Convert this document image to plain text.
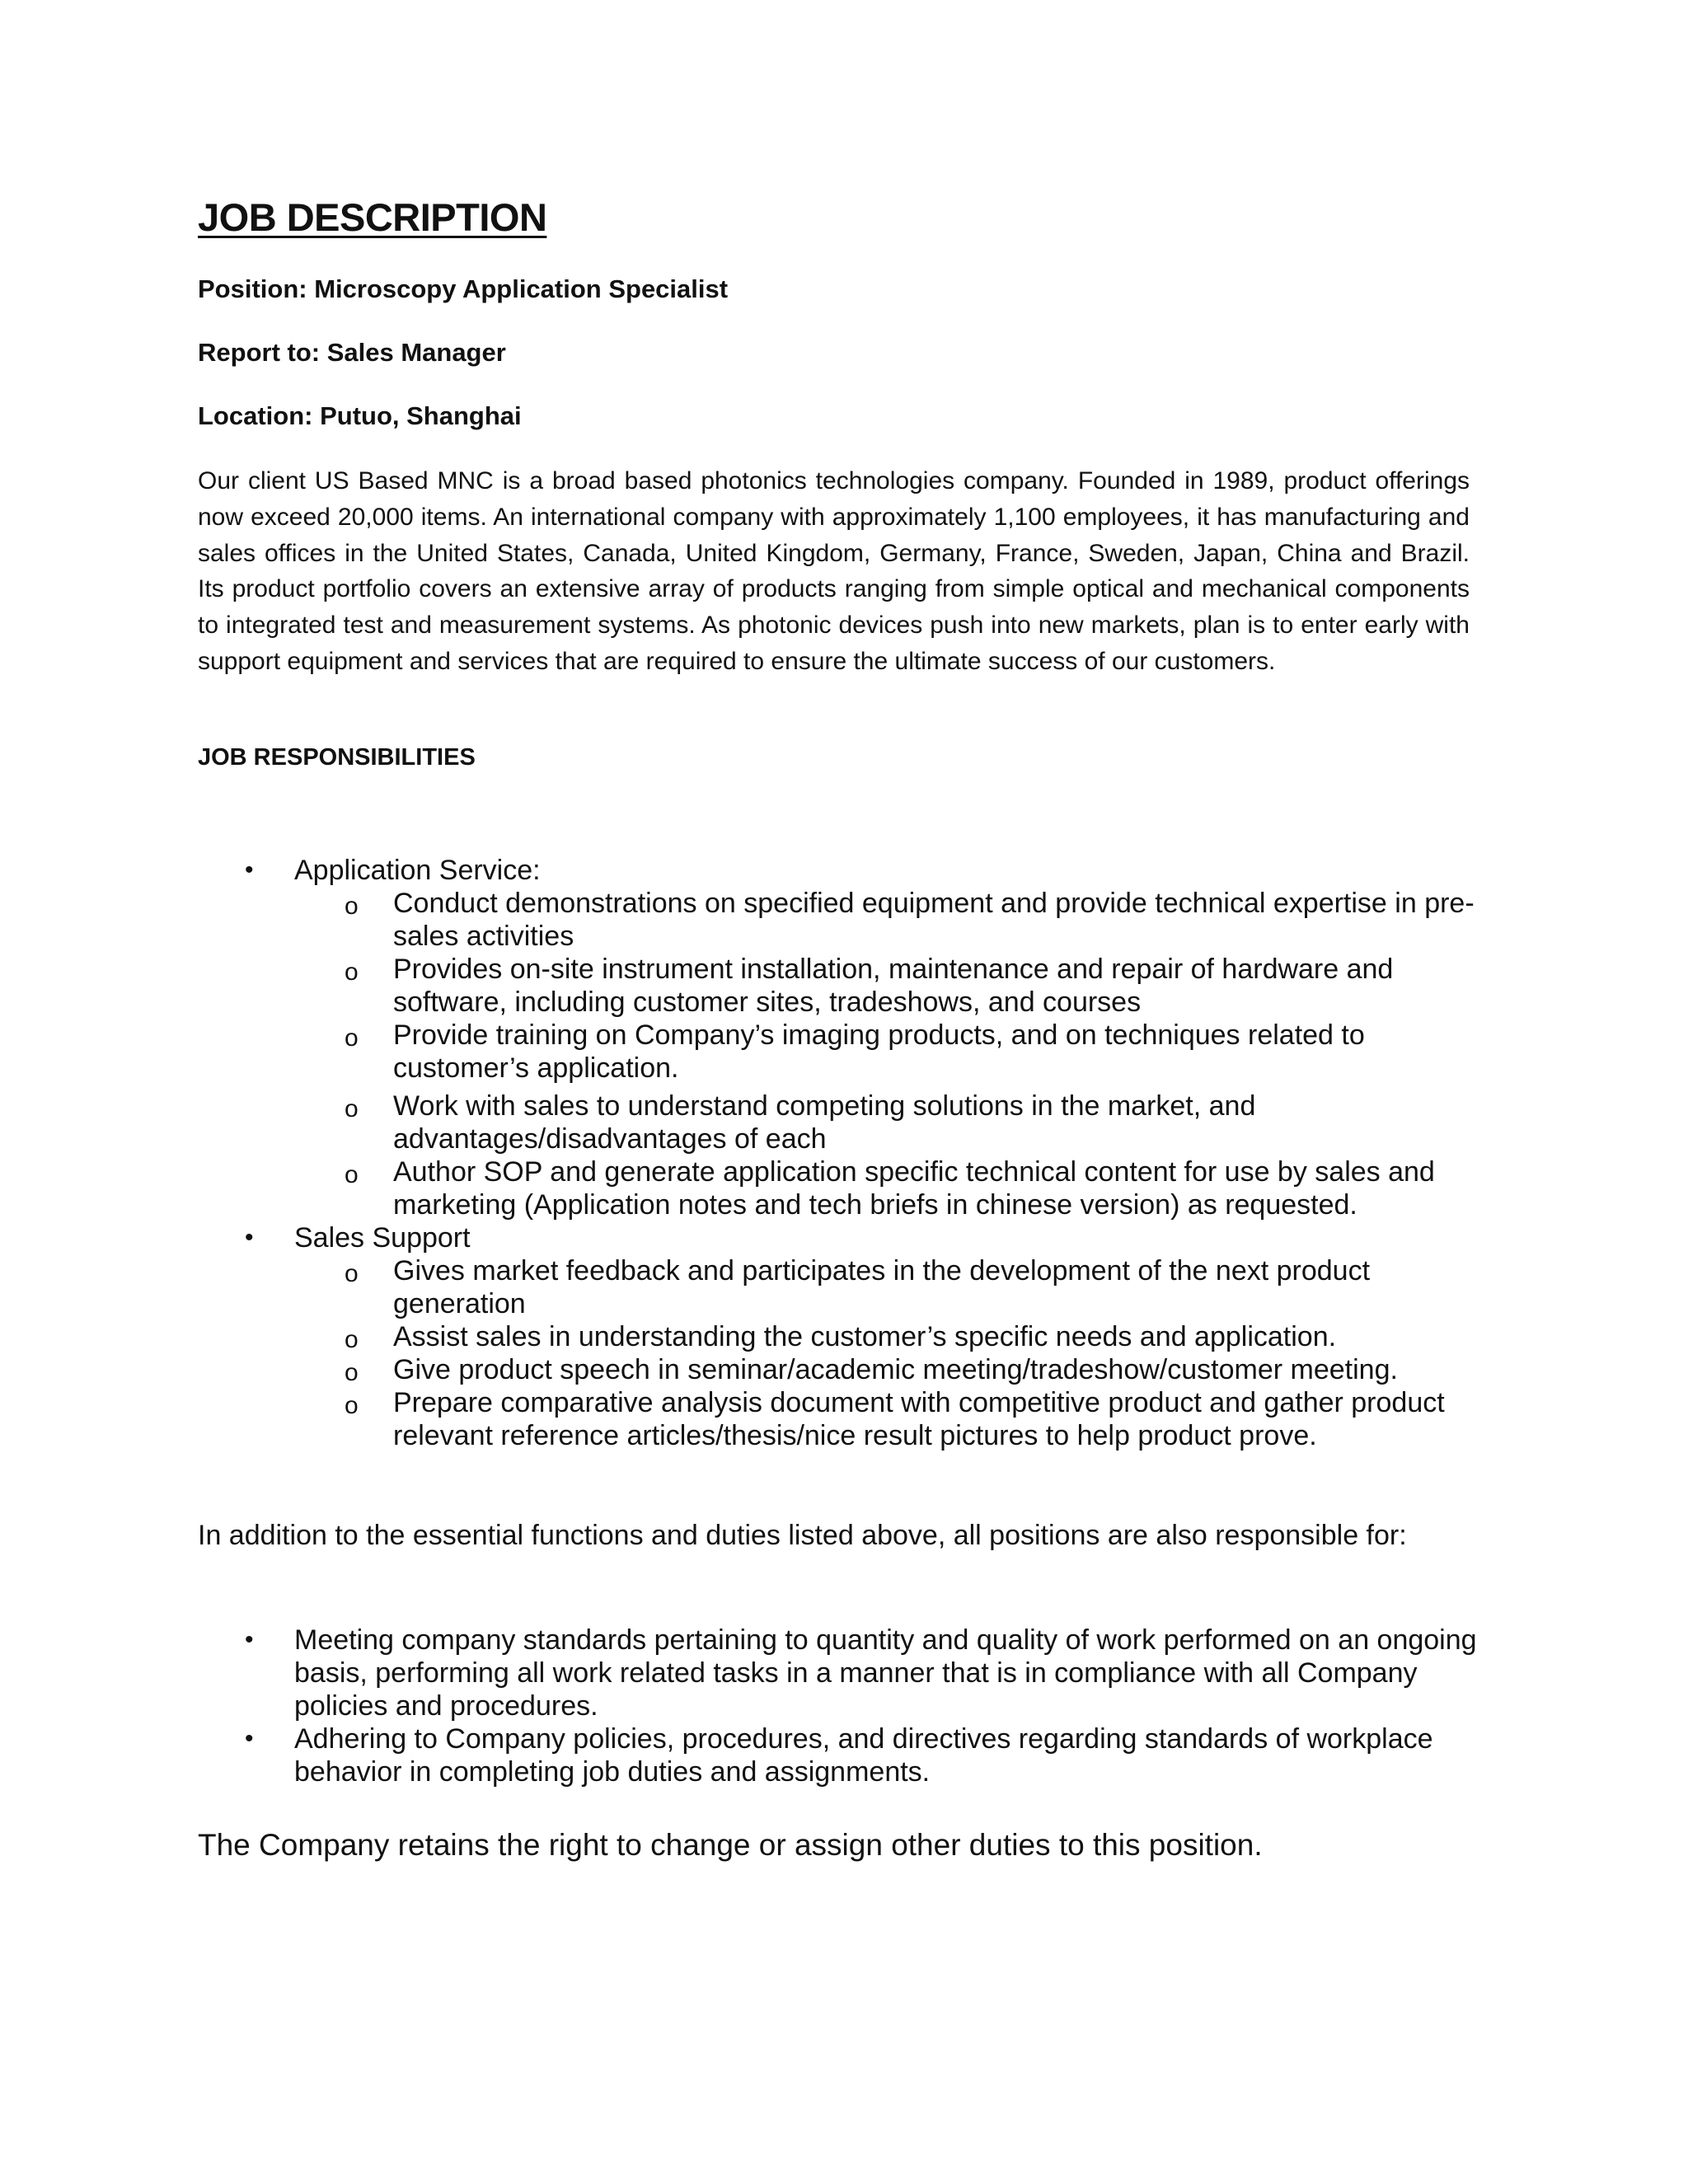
JOB DESCRIPTION

Position: Microscopy Application Specialist

Report to: Sales Manager

Location: Putuo, Shanghai

Our client US Based MNC is a broad based photonics technologies company. Founded in 1989, product offerings now exceed 20,000 items. An international company with approximately 1,100 employees, it has manufacturing and sales offices in the United States, Canada, United Kingdom, Germany, France, Sweden, Japan, China and Brazil. Its product portfolio covers an extensive array of products ranging from simple optical and mechanical components to integrated test and measurement systems. As photonic devices push into new markets, plan is to enter early with support equipment and services that are required to ensure the ultimate success of our customers.

JOB RESPONSIBILITIES
• Application Service:
o Conduct demonstrations on specified equipment and provide technical expertise in pre-sales activities
o Provides on-site instrument installation, maintenance and repair of hardware and software, including customer sites, tradeshows, and courses
o Provide training on Company’s imaging products, and on techniques related to customer’s application.
o Work with sales to understand competing solutions in the market, and advantages/disadvantages of each
o Author SOP and generate application specific technical content for use by sales and marketing (Application notes and tech briefs in chinese version) as requested.
• Sales Support
o Gives market feedback and participates in the development of the next product generation
o Assist sales in understanding the customer’s specific needs and application.
o Give product speech in seminar/academic meeting/tradeshow/customer meeting.
o Prepare comparative analysis document with competitive product and gather product relevant reference articles/thesis/nice result pictures to help product prove.

In addition to the essential functions and duties listed above, all positions are also responsible for:

• Meeting company standards pertaining to quantity and quality of work performed on an ongoing basis, performing all work related tasks in a manner that is in compliance with all Company policies and procedures.
• Adhering to Company policies, procedures, and directives regarding standards of workplace behavior in completing job duties and assignments.

The Company retains the right to change or assign other duties to this position.
